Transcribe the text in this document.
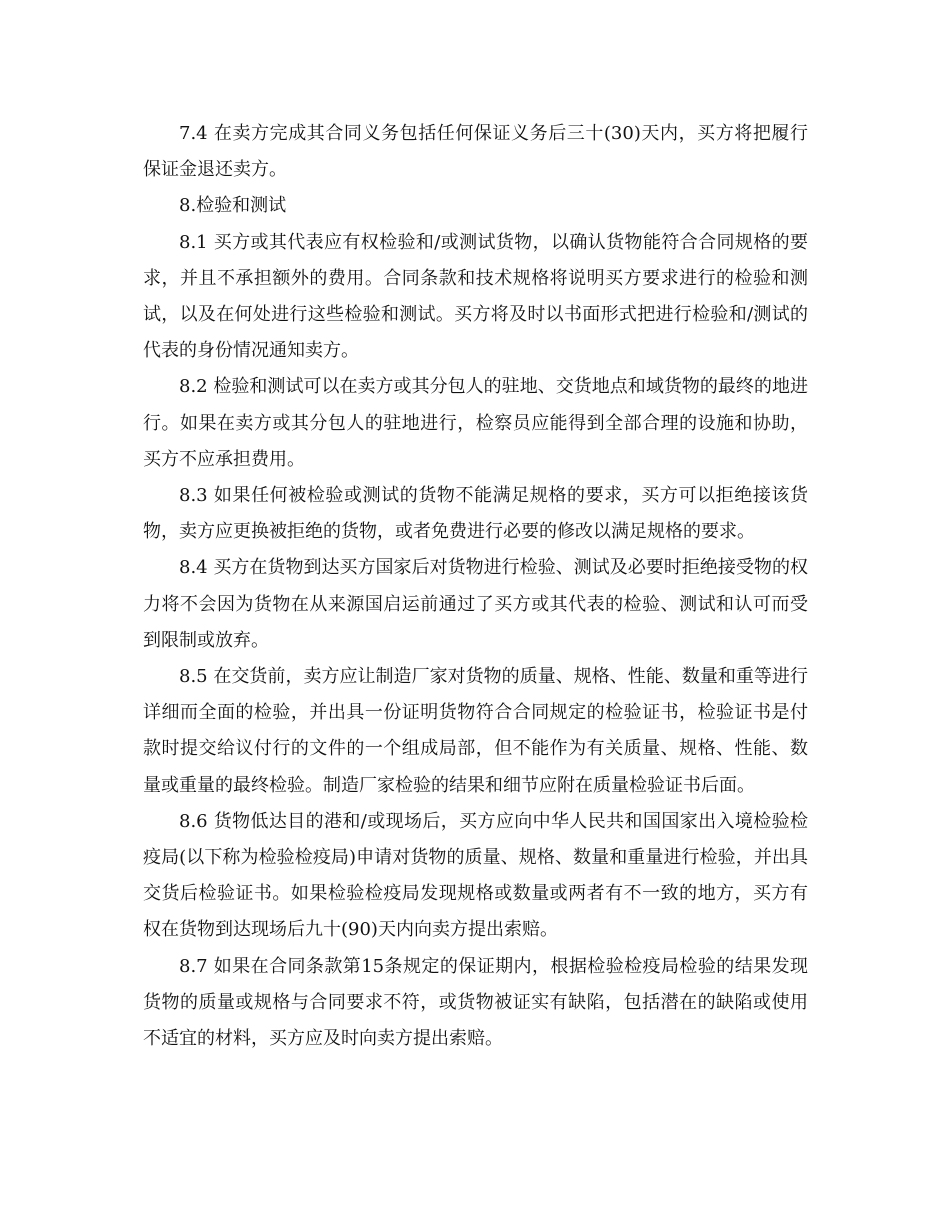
7.4 在卖方完成其合同义务包括任何保证义务后三十(30)天内，买方将把履行保证金退还卖方。

8.检验和测试

8.1 买方或其代表应有权检验和/或测试货物，以确认货物能符合合同规格的要求，并且不承担额外的费用。合同条款和技术规格将说明买方要求进行的检验和测试，以及在何处进行这些检验和测试。买方将及时以书面形式把进行检验和/测试的代表的身份情况通知卖方。

8.2 检验和测试可以在卖方或其分包人的驻地、交货地点和域货物的最终的地进行。如果在卖方或其分包人的驻地进行，检察员应能得到全部合理的设施和协助，买方不应承担费用。

8.3 如果任何被检验或测试的货物不能满足规格的要求，买方可以拒绝接该货物，卖方应更换被拒绝的货物，或者免费进行必要的修改以满足规格的要求。

8.4 买方在货物到达买方国家后对货物进行检验、测试及必要时拒绝接受物的权力将不会因为货物在从来源国启运前通过了买方或其代表的检验、测试和认可而受到限制或放弃。

8.5 在交货前，卖方应让制造厂家对货物的质量、规格、性能、数量和重等进行详细而全面的检验，并出具一份证明货物符合合同规定的检验证书，检验证书是付款时提交给议付行的文件的一个组成局部，但不能作为有关质量、规格、性能、数量或重量的最终检验。制造厂家检验的结果和细节应附在质量检验证书后面。

8.6 货物低达目的港和/或现场后，买方应向中华人民共和国国家出入境检验检疫局(以下称为检验检疫局)申请对货物的质量、规格、数量和重量进行检验，并出具交货后检验证书。如果检验检疫局发现规格或数量或两者有不一致的地方，买方有权在货物到达现场后九十(90)天内向卖方提出索赔。

8.7 如果在合同条款第15条规定的保证期内，根据检验检疫局检验的结果发现货物的质量或规格与合同要求不符，或货物被证实有缺陷，包括潜在的缺陷或使用不适宜的材料，买方应及时向卖方提出索赔。
